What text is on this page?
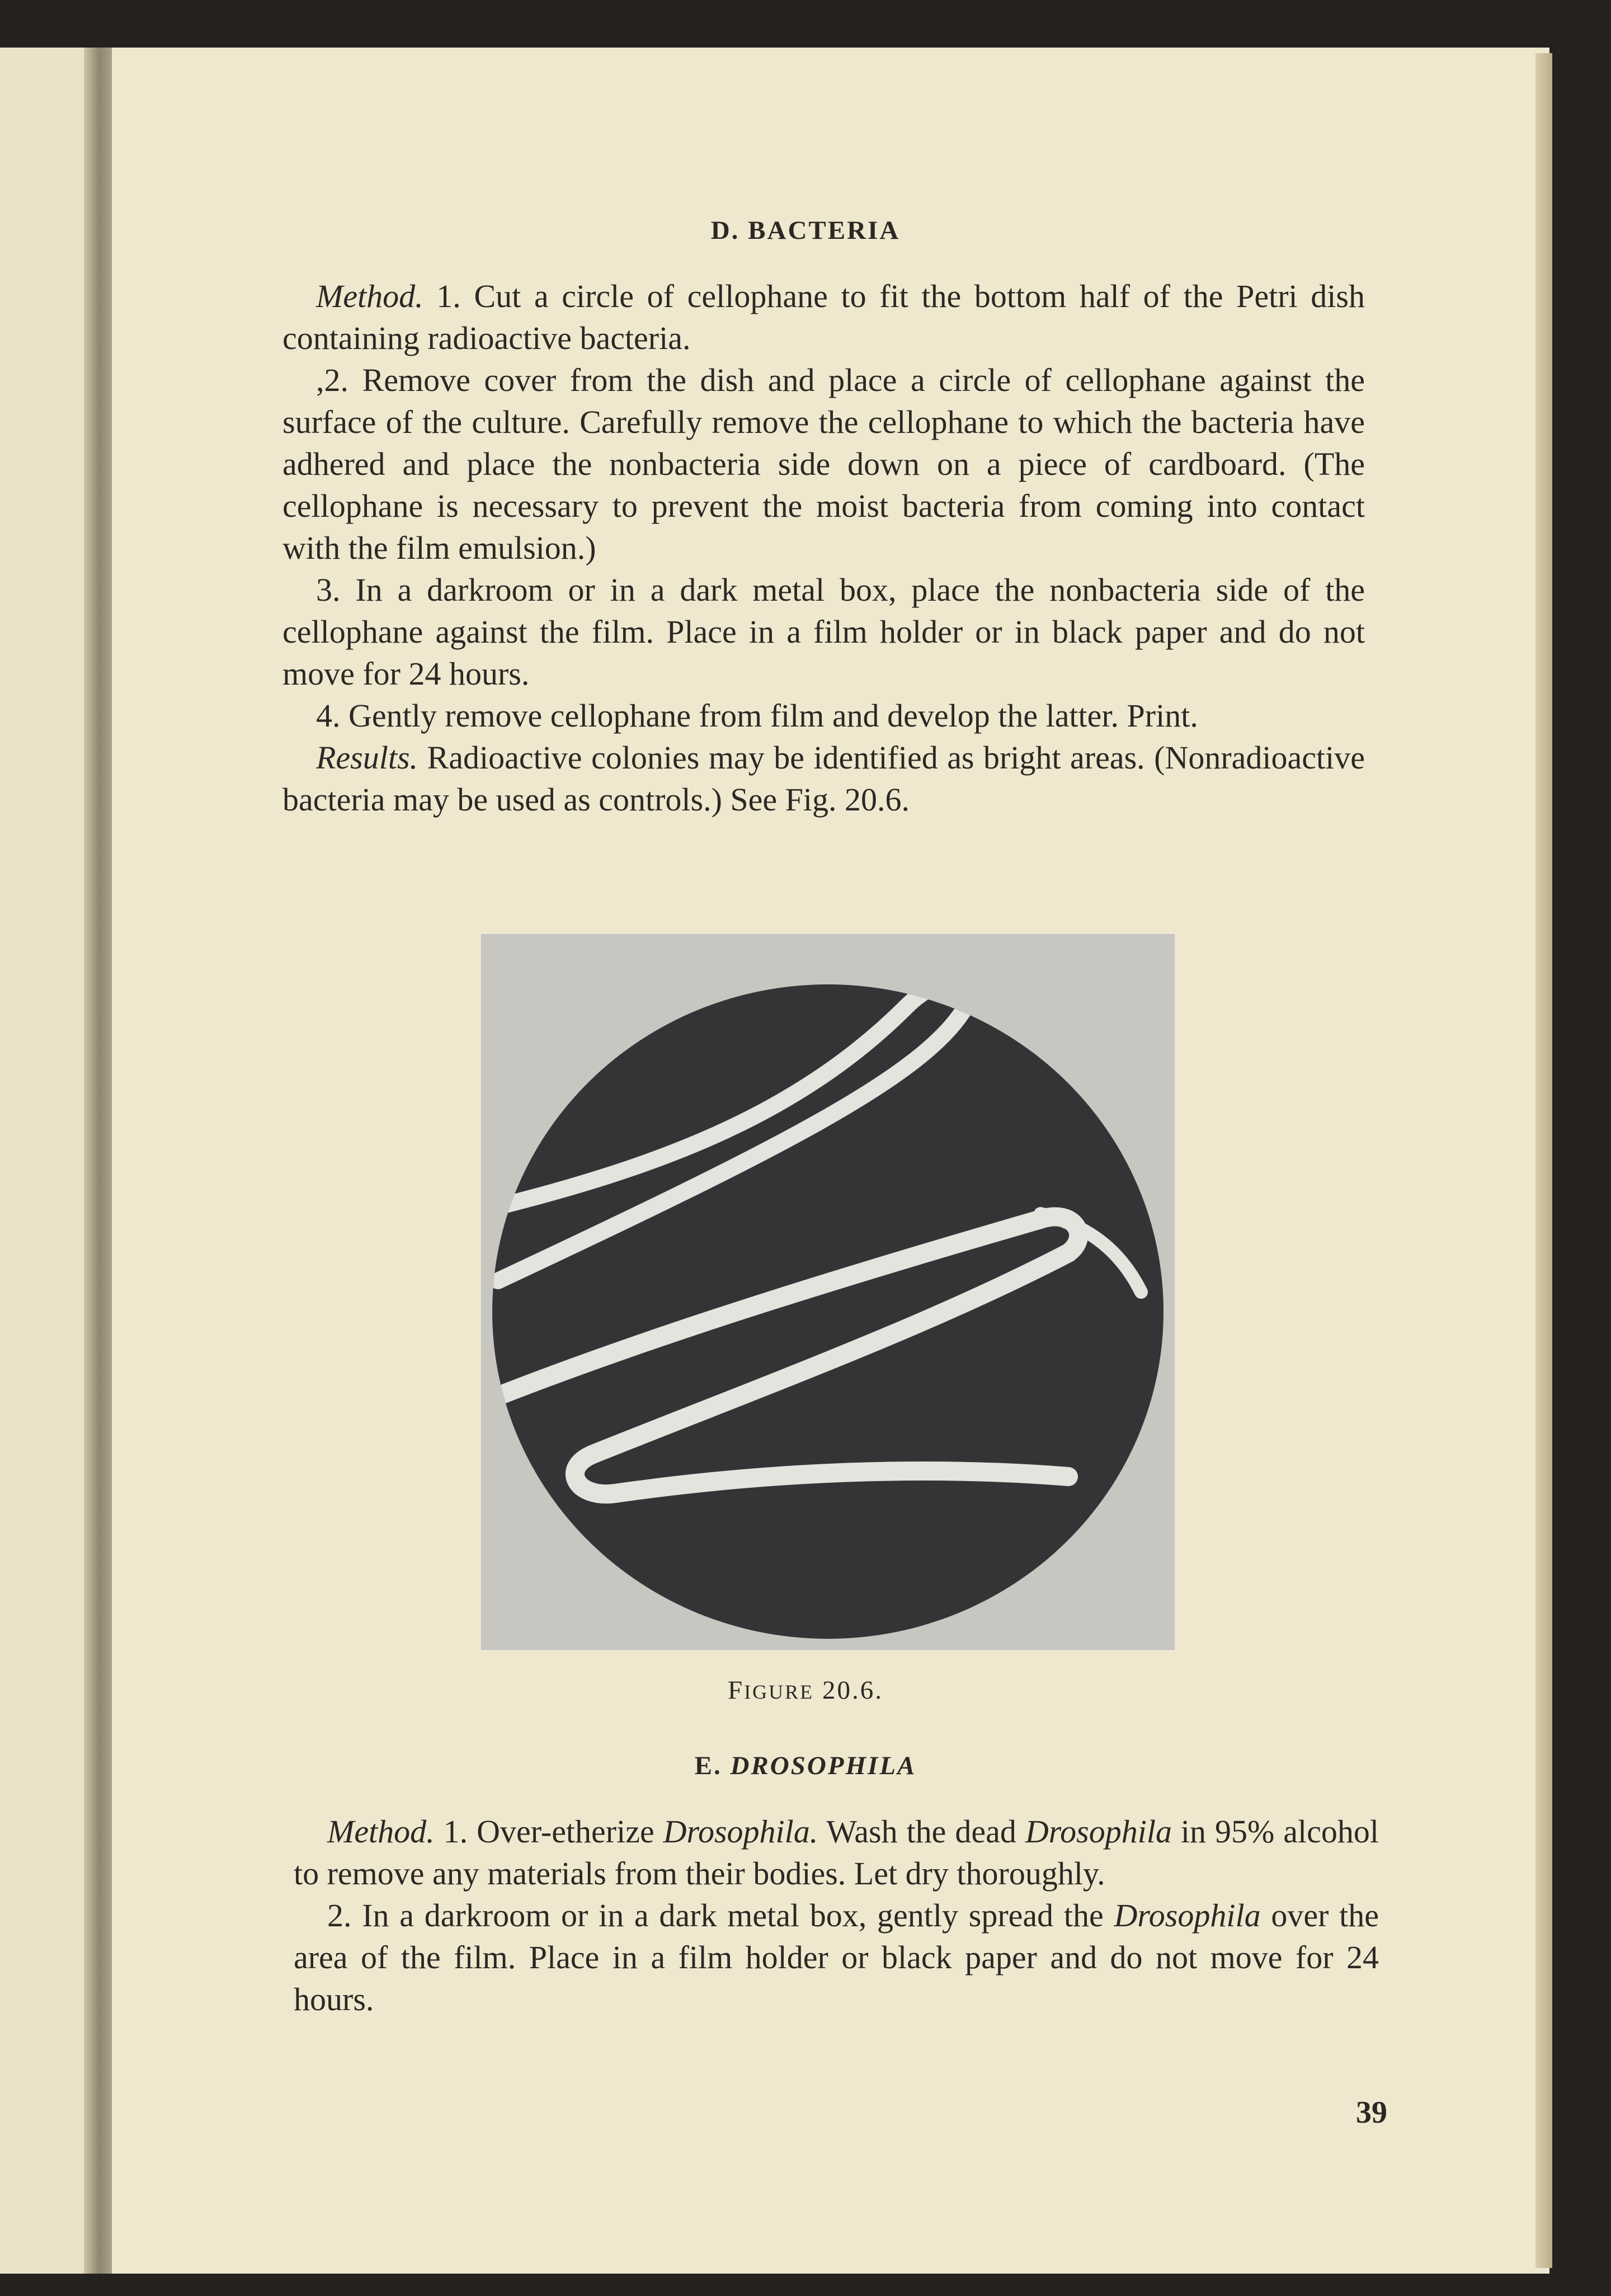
D. BACTERIA

Method. 1. Cut a circle of cellophane to fit the bottom half of the Petri dish containing radioactive bacteria.

,2. Remove cover from the dish and place a circle of cellophane against the surface of the culture. Carefully remove the cellophane to which the bacteria have adhered and place the nonbacteria side down on a piece of cardboard. (The cellophane is necessary to prevent the moist bacteria from coming into contact with the film emulsion.)

3. In a darkroom or in a dark metal box, place the nonbacteria side of the cellophane against the film. Place in a film holder or in black paper and do not move for 24 hours.

4. Gently remove cellophane from film and develop the latter. Print.

Results. Radioactive colonies may be identified as bright areas. (Nonradioactive bacteria may be used as controls.) See Fig. 20.6.

FIGURE 20.6.
E. DROSOPHILA

Method. 1. Over-etherize Drosophila. Wash the dead Drosophila in 95% alcohol to remove any materials from their bodies. Let dry thoroughly.

2. In a darkroom or in a dark metal box, gently spread the Drosophila over the area of the film. Place in a film holder or black paper and do not move for 24 hours.

39
